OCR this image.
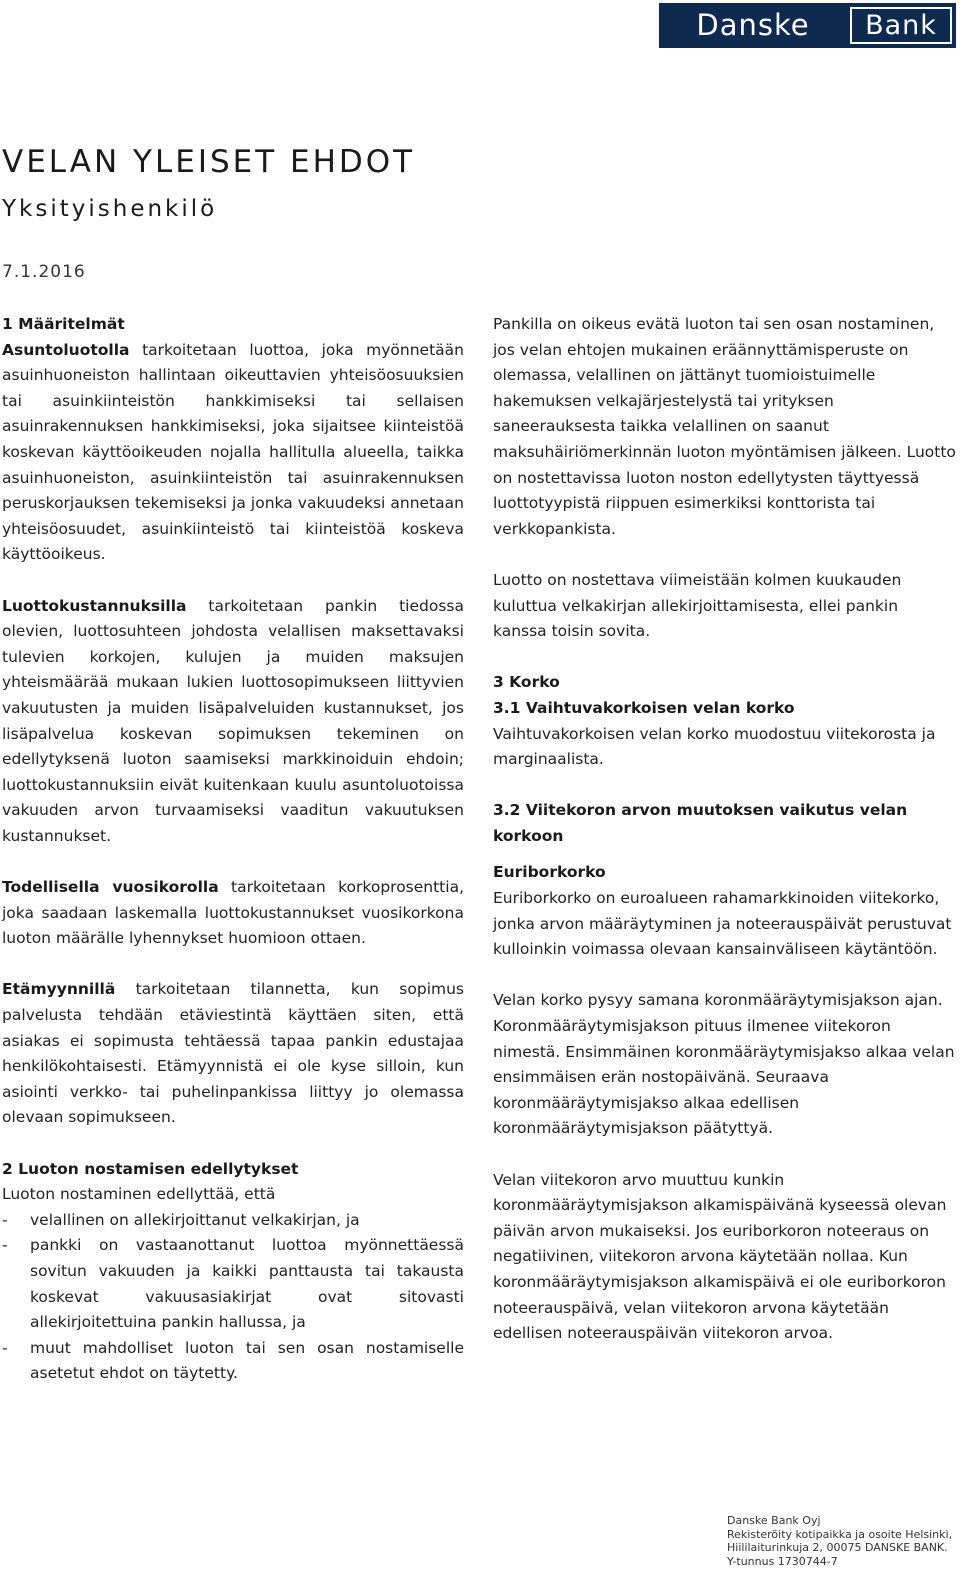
Danske	Bank
VELAN YLEISET EHDOT
Yksityishenkilö
7.1.2016
1 Määritelmät

Asuntoluotolla tarkoitetaan luottoa, joka myönnetään asuinhuoneiston hallintaan oikeuttavien yhteisöosuuksien tai asuinkiinteistön hankkimiseksi tai sellaisen asuinrakennuksen hankkimiseksi, joka sijaitsee kiinteistöä koskevan käyttöoikeuden nojalla hallitulla alueella, taikka asuinhuoneiston, asuinkiinteistön tai asuinrakennuksen peruskorjauksen tekemiseksi ja jonka vakuudeksi annetaan yhteisöosuudet, asuinkiinteistö tai kiinteistöä koskeva käyttöoikeus.

Luottokustannuksilla tarkoitetaan pankin tiedossa olevien, luottosuhteen johdosta velallisen maksettavaksi tulevien korkojen, kulujen ja muiden maksujen yhteismäärää mukaan lukien luottosopimukseen liittyvien vakuutusten ja muiden lisäpalveluiden kustannukset, jos lisäpalvelua koskevan sopimuksen tekeminen on edellytyksenä luoton saamiseksi markkinoiduin ehdoin; luottokustannuksiin eivät kuitenkaan kuulu asuntoluotoissa vakuuden arvon turvaamiseksi vaaditun vakuutuksen kustannukset.

Todellisella vuosikorolla tarkoitetaan korkoprosenttia, joka saadaan laskemalla luottokustannukset vuosikorkona luoton määrälle lyhennykset huomioon ottaen.

Etämyynnillä tarkoitetaan tilannetta, kun sopimus palvelusta tehdään etäviestintä käyttäen siten, että asiakas ei sopimusta tehtäessä tapaa pankin edustajaa henkilökohtaisesti. Etämyynnistä ei ole kyse silloin, kun asiointi verkko- tai puhelinpankissa liittyy jo olemassa olevaan sopimukseen.

2 Luoton nostamisen edellytykset

Luoton nostaminen edellyttää, että

- velallinen on allekirjoittanut velkakirjan, ja
- pankki on vastaanottanut luottoa myönnettäessä sovitun vakuuden ja kaikki panttausta tai takausta koskevat vakuusasiakirjat ovat sitovasti allekirjoitettuina pankin hallussa, ja
- muut mahdolliset luoton tai sen osan nostamiselle asetetut ehdot on täytetty.

Pankilla on oikeus evätä luoton tai sen osan nostaminen, jos velan ehtojen mukainen eräännyttämisperuste on olemassa, velallinen on jättänyt tuomioistuimelle hakemuksen velkajärjestelystä tai yrityksen saneerauksesta taikka velallinen on saanut maksuhäiriömerkinnän luoton myöntämisen jälkeen. Luotto on nostettavissa luoton noston edellytysten täyttyessä luottotyypistä riippuen esimerkiksi konttorista tai verkkopankista.

Luotto on nostettava viimeistään kolmen kuukauden kuluttua velkakirjan allekirjoittamisesta, ellei pankin kanssa toisin sovita.

3 Korko
3.1 Vaihtuvakorkoisen velan korko

Vaihtuvakorkoisen velan korko muodostuu viitekorosta ja marginaalista.

3.2 Viitekoron arvon muutoksen vaikutus velan korkoon
Euriborkorko

Euriborkorko on euroalueen rahamarkkinoiden viitekorko, jonka arvon määräytyminen ja noteerauspäivät perustuvat kulloinkin voimassa olevaan kansainväliseen käytäntöön.

Velan korko pysyy samana koronmääräytymisjakson ajan. Koronmääräytymisjakson pituus ilmenee viitekoron nimestä. Ensimmäinen koronmääräytymisjakso alkaa velan ensimmäisen erän nostopäivänä. Seuraava koronmääräytymisjakso alkaa edellisen koronmääräytymisjakson päätyttyä.

Velan viitekoron arvo muuttuu kunkin koronmääräytymisjakson alkamispäivänä kyseessä olevan päivän arvon mukaiseksi. Jos euriborkoron noteeraus on negatiivinen, viitekoron arvona käytetään nollaa. Kun koronmääräytymisjakson alkamispäivä ei ole euriborkoron noteerauspäivä, velan viitekoron arvona käytetään edellisen noteerauspäivän viitekoron arvoa.

Danske Bank Oyj
Rekisteröity kotipaikka ja osoite Helsinki,
Hiililaiturinkuja 2, 00075 DANSKE BANK.
Y-tunnus 1730744-7
